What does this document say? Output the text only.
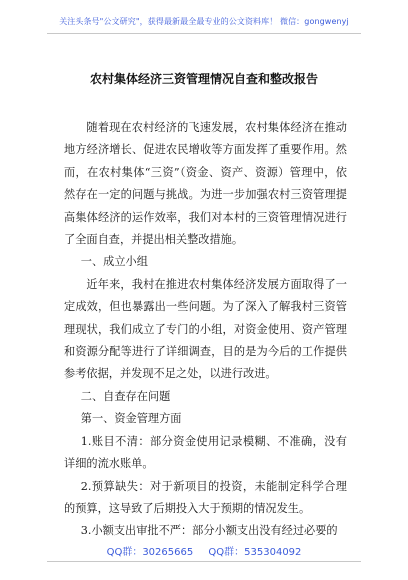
关注头条号"公文研究"，获得最新最全最专业的公文资料库！ 微信：gongwenyj
农村集体经济三资管理情况自查和整改报告

随着现在农村经济的飞速发展，农村集体经济在推动地方经济增长、促进农民增收等方面发挥了重要作用。然而，在农村集体“三资”（资金、资产、资源）管理中，依然存在一定的问题与挑战。为进一步加强农村三资管理提高集体经济的运作效率，我们对本村的三资管理情况进行了全面自查，并提出相关整改措施。

一、成立小组

近年来，我村在推进农村集体经济发展方面取得了一定成效，但也暴露出一些问题。为了深入了解我村三资管理现状，我们成立了专门的小组，对资金使用、资产管理和资源分配等进行了详细调查，目的是为今后的工作提供参考依据，并发现不足之处，以进行改进。

二、自查存在问题

第一、资金管理方面

1.账目不清：部分资金使用记录模糊、不准确，没有详细的流水账单。

2.预算缺失：对于新项目的投资，未能制定科学合理的预算，这导致了后期投入大于预期的情况发生。

3.小额支出审批不严：部分小额支出没有经过必要的

QQ群：30265665 QQ群：535304092
